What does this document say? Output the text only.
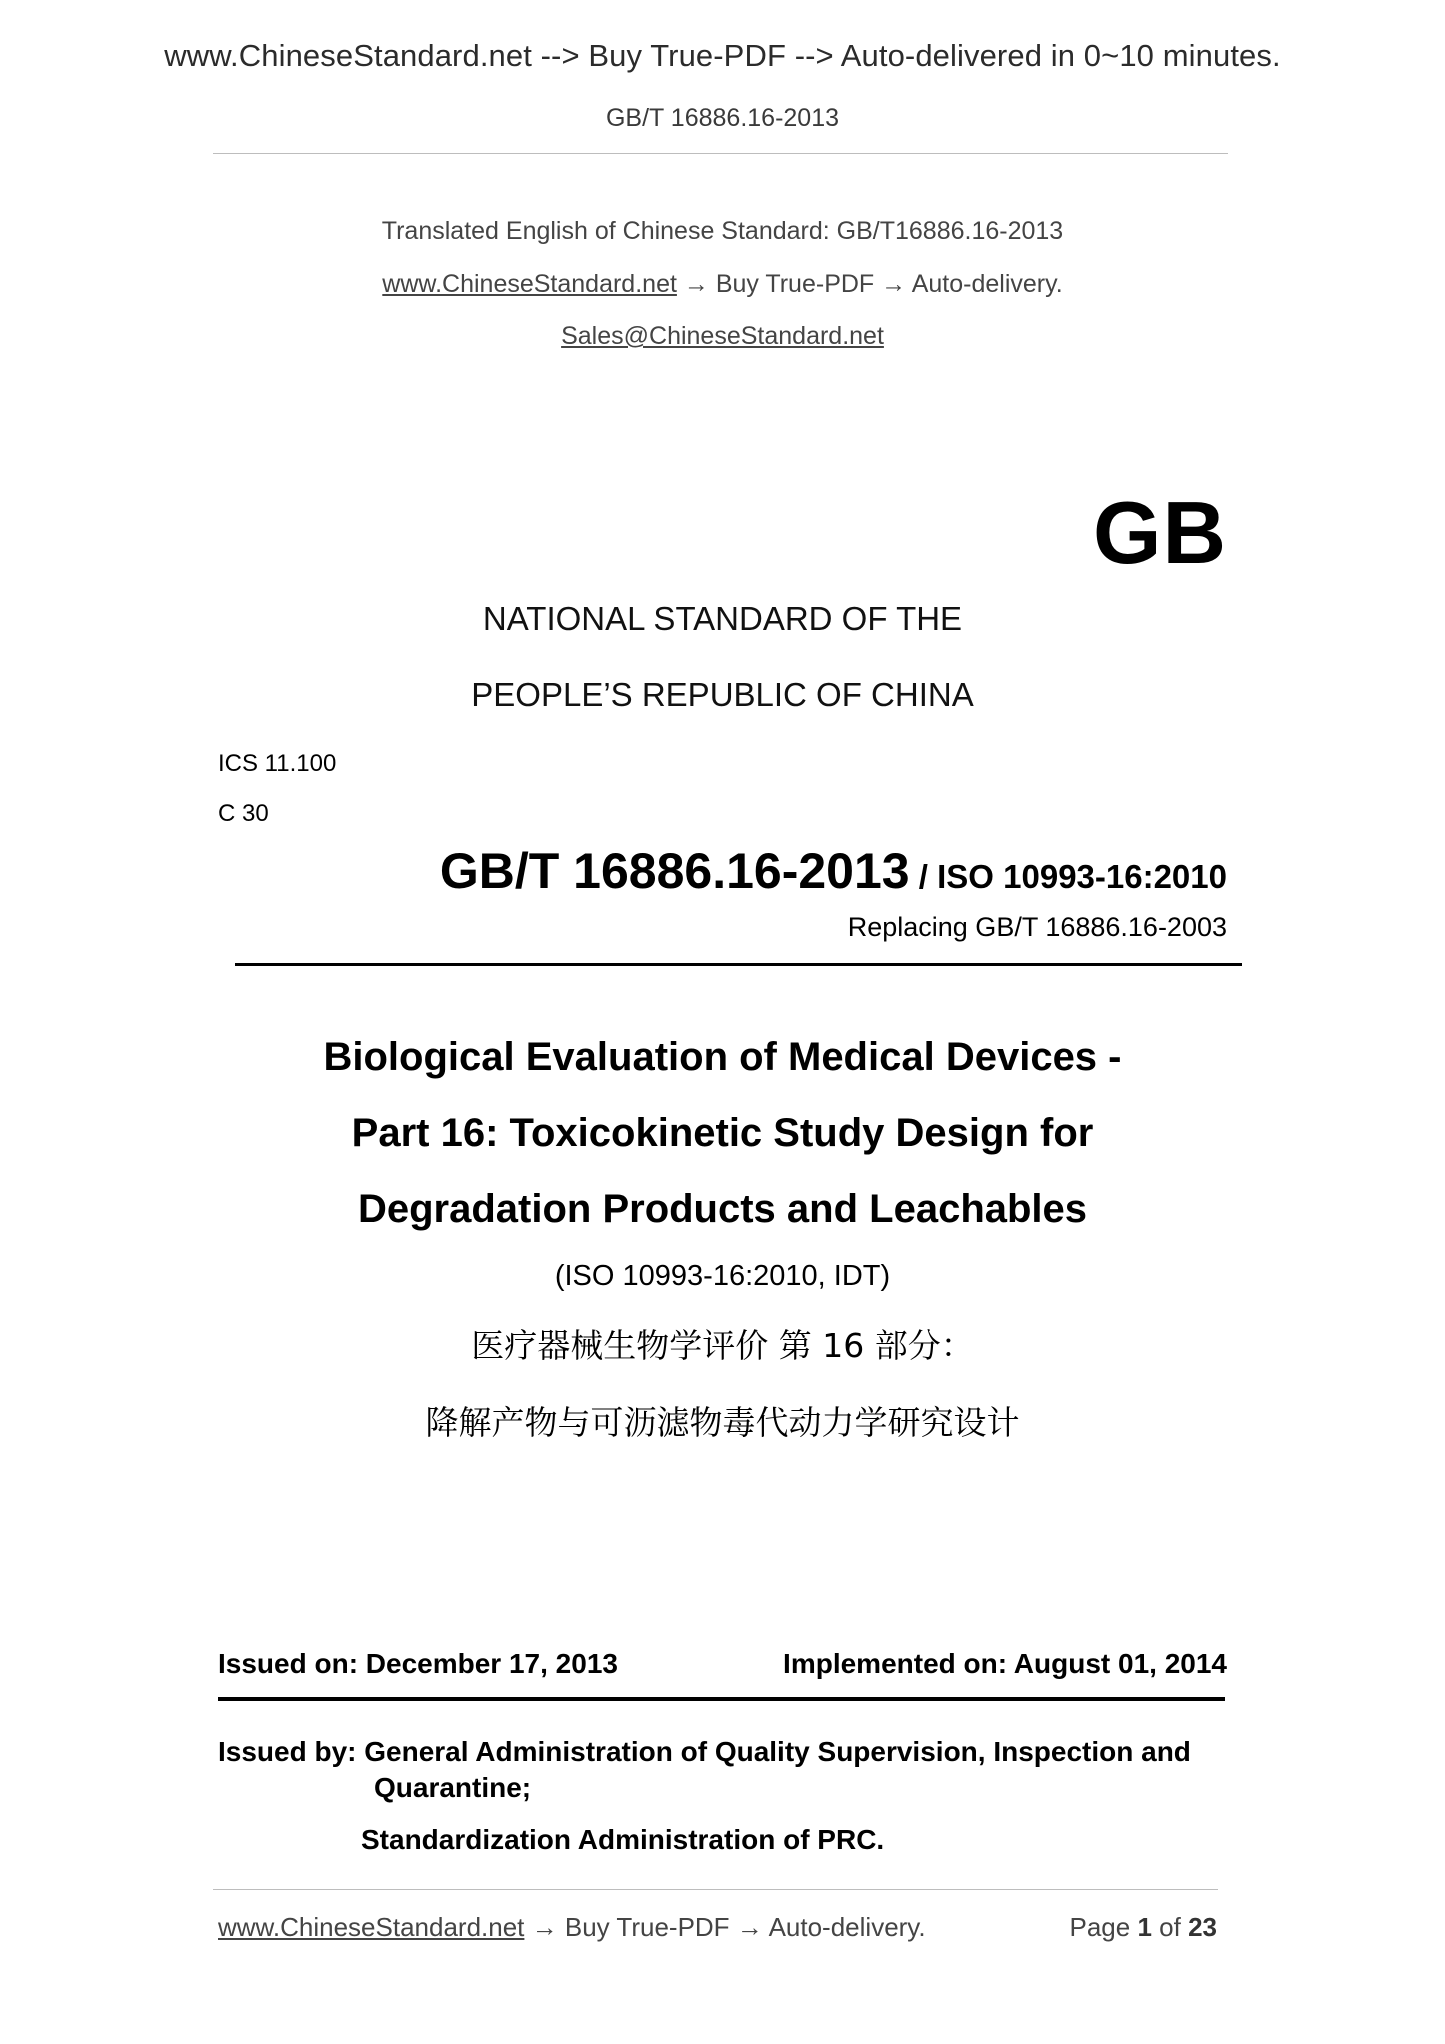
www.ChineseStandard.net --> Buy True-PDF --> Auto-delivered in 0~10 minutes.
GB/T 16886.16-2013
Translated English of Chinese Standard: GB/T16886.16-2013
www.ChineseStandard.net → Buy True-PDF → Auto-delivery.
Sales@ChineseStandard.net
GB
NATIONAL STANDARD OF THE
PEOPLE’S REPUBLIC OF CHINA
ICS 11.100
C 30
GB/T 16886.16-2013 / ISO 10993-16:2010
Replacing GB/T 16886.16-2003
Biological Evaluation of Medical Devices -
Part 16: Toxicokinetic Study Design for
Degradation Products and Leachables
(ISO 10993-16:2010, IDT)
医疗器械生物学评价 第 16 部分：
降解产物与可沥滤物毒代动力学研究设计
Issued on: December 17, 2013	Implemented on: August 01, 2014
Issued by: General Administration of Quality Supervision, Inspection and
Quarantine;
Standardization Administration of PRC.
www.ChineseStandard.net → Buy True-PDF → Auto-delivery.	Page 1 of 23
